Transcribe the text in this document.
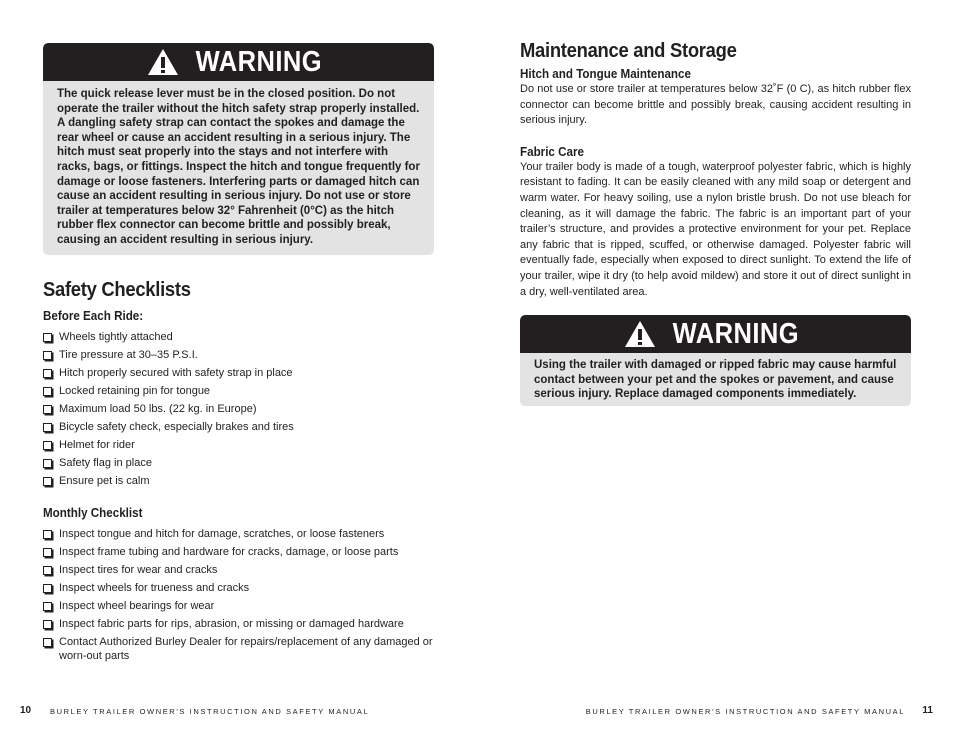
WARNING

The quick release lever must be in the closed position. Do not operate the trailer without the hitch safety strap properly installed. A dangling safety strap can contact the spokes and damage the rear wheel or cause an accident resulting in a serious injury. The hitch must seat properly into the stays and not interfere with racks, bags, or fittings. Inspect the hitch and tongue frequently for damage or loose fasteners. Interfering parts or damaged hitch can cause an accident resulting in serious injury. Do not use or store trailer at temperatures below 32° Fahrenheit (0°C) as the hitch rubber flex connector can become brittle and possibly break, causing an accident resulting in serious injury.

Safety Checklists
Before Each Ride:
Wheels tightly attached
Tire pressure at 30–35 P.S.I.
Hitch properly secured with safety strap in place
Locked retaining pin for tongue
Maximum load 50 lbs. (22 kg. in Europe)
Bicycle safety check, especially brakes and tires
Helmet for rider
Safety flag in place
Ensure pet is calm
Monthly Checklist
Inspect tongue and hitch for damage, scratches, or loose fasteners
Inspect frame tubing and hardware for cracks, damage, or loose parts
Inspect tires for wear and cracks
Inspect wheels for trueness and cracks
Inspect wheel bearings for wear
Inspect fabric parts for rips, abrasion, or missing or damaged hardware
Contact Authorized Burley Dealer for repairs/replacement of any damaged or worn-out parts
Maintenance and Storage
Hitch and Tongue Maintenance

Do not use or store trailer at temperatures below 32˚F (0 C), as hitch rubber flex connector can become brittle and possibly break, causing accident resulting in serious injury.

Fabric Care

Your trailer body is made of a tough, waterproof polyester fabric, which is highly resistant to fading. It can be easily cleaned with any mild soap or detergent and warm water. For heavy soiling, use a nylon bristle brush. Do not use bleach for cleaning, as it will damage the fabric. The fabric is an important part of your trailer’s structure, and provides a protective environment for your pet. Replace any fabric that is ripped, scuffed, or otherwise damaged. Polyester fabric will eventually fade, especially when exposed to direct sunlight. To extend the life of your trailer, wipe it dry (to help avoid mildew) and store it out of direct sunlight in a dry, well-ventilated area.

WARNING

Using the trailer with damaged or ripped fabric may cause harmful contact between your pet and the spokes or pavement, and cause serious injury. Replace damaged components immediately.

10	BURLEY TRAILER OWNER'S INSTRUCTION AND SAFETY MANUAL	BURLEY TRAILER OWNER'S INSTRUCTION AND SAFETY MANUAL 11
